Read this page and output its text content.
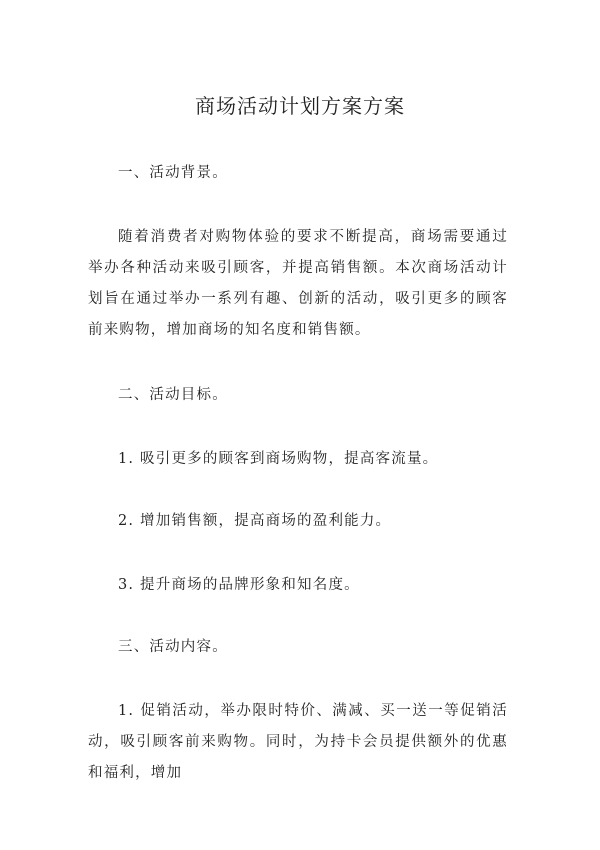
商场活动计划方案方案

一、活动背景。

随着消费者对购物体验的要求不断提高，商场需要通过举办各种活动来吸引顾客，并提高销售额。本次商场活动计划旨在通过举办一系列有趣、创新的活动，吸引更多的顾客前来购物，增加商场的知名度和销售额。

二、活动目标。

1. 吸引更多的顾客到商场购物，提高客流量。

2. 增加销售额，提高商场的盈利能力。

3. 提升商场的品牌形象和知名度。

三、活动内容。

1. 促销活动，举办限时特价、满减、买一送一等促销活动，吸引顾客前来购物。同时，为持卡会员提供额外的优惠和福利，增加
